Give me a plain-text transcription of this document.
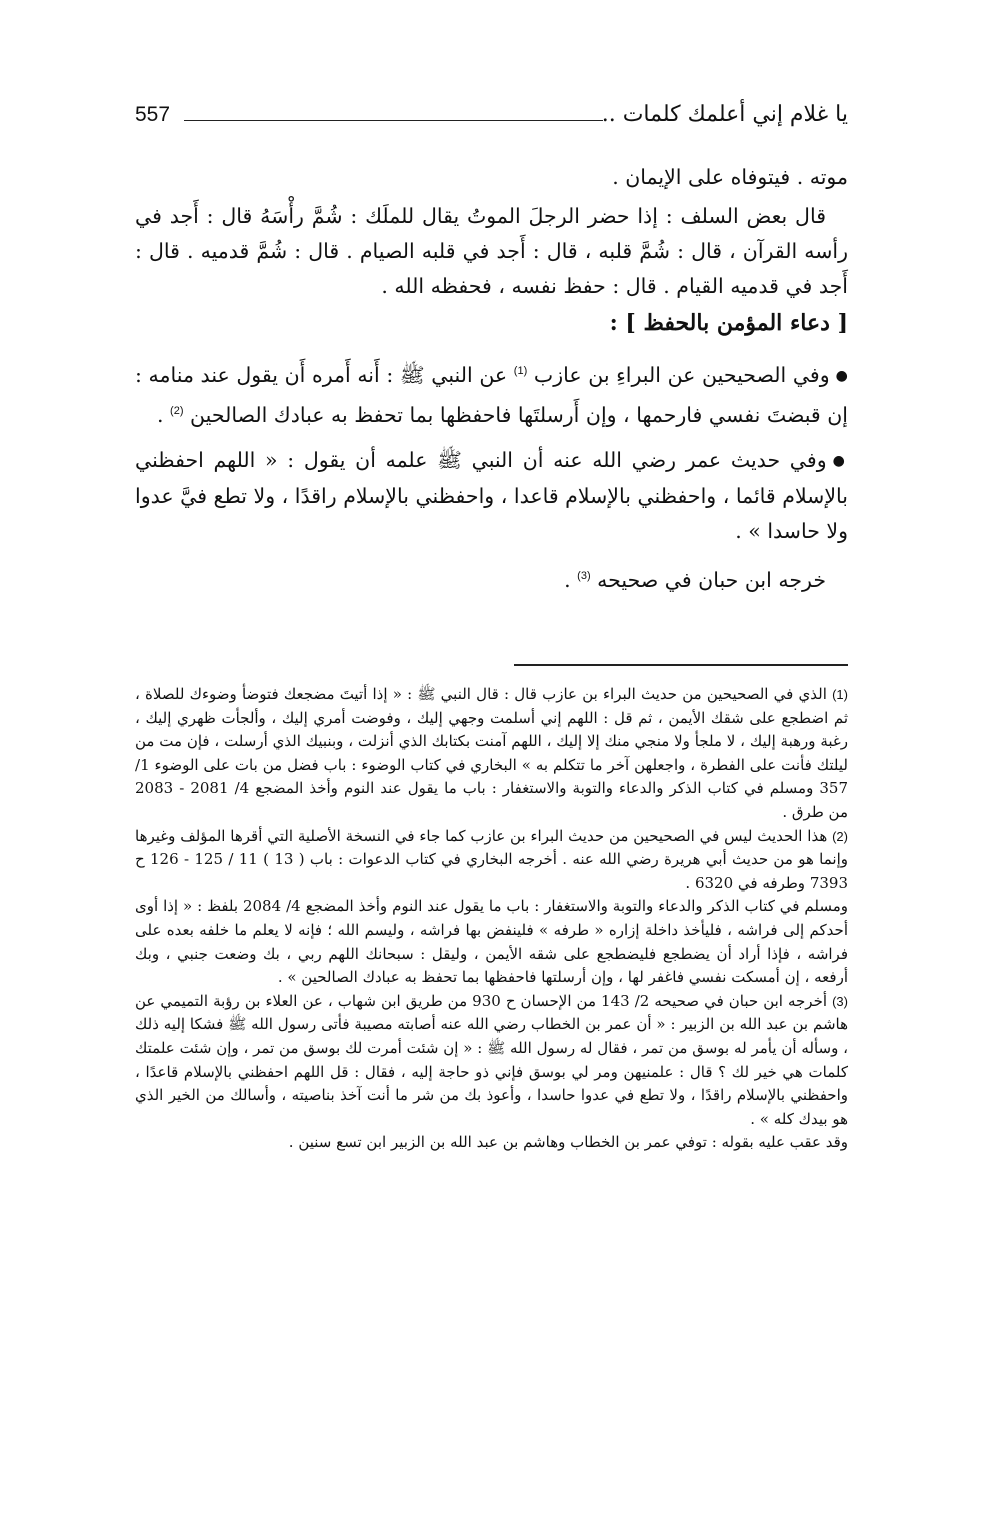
557	يا غلام إني أعلمك كلمات ..

موته . فيتوفاه على الإيمان .

قال بعض السلف : إذا حضر الرجلَ الموتُ يقال للملَك : شُمَّ رأْسَهُ قال : أَجد في رأسه القرآن ، قال : شُمَّ قلبه ، قال : أَجد في قلبه الصيام . قال : شُمَّ قدميه . قال : أَجد في قدميه القيام . قال : حفظ نفسه ، فحفظه الله .

[ دعاء المؤمن بالحفظ ] :

●وفي الصحيحين عن البراءِ بن عازب $^{(1)}$ عن النبي ﷺ : أَنه أَمره أَن يقول عند منامه : إن قبضتَ نفسي فارحمها ، وإن أَرسلتَها فاحفظها بما تحفظ به عبادك الصالحين $^{(2)}$ .

●وفي حديث عمر رضي الله عنه أن النبي ﷺ علمه أن يقول : « اللهم احفظني بالإسلام قائما ، واحفظني بالإسلام قاعدا ، واحفظني بالإسلام راقدًا ، ولا تطع فيَّ عدوا ولا حاسدا » .

خرجه ابن حبان في صحيحه $^{(3)}$ .

(1) الذي في الصحيحين من حديث البراء بن عازب قال : قال النبي ﷺ : « إذا أتيتَ مضجعك فتوضأ وضوءك للصلاة ، ثم اضطجع على شقك الأيمن ، ثم قل : اللهم إني أسلمت وجهي إليك ، وفوضت أمري إليك ، وألجأت ظهري إليك ، رغبة ورهبة إليك ، لا ملجأ ولا منجي منك إلا إليك ، اللهم آمنت بكتابك الذي أنزلت ، وبنبيك الذي أرسلت ، فإن مت من ليلتك فأنت على الفطرة ، واجعلهن آخر ما تتكلم به » البخاري في كتاب الوضوء : باب فضل من بات على الوضوء 1/ 357 ومسلم في كتاب الذكر والدعاء والتوبة والاستغفار : باب ما يقول عند النوم وأخذ المضجع 4/ 2081 - 2083 من طرق .

(2) هذا الحديث ليس في الصحيحين من حديث البراء بن عازب كما جاء في النسخة الأصلية التي أقرها المؤلف وغيرها وإنما هو من حديث أبي هريرة رضي الله عنه . أخرجه البخاري في كتاب الدعوات : باب ( 13 ) 11 / 125 - 126 ح 7393 وطرفه في 6320 .

ومسلم في كتاب الذكر والدعاء والتوبة والاستغفار : باب ما يقول عند النوم وأخذ المضجع 4/ 2084 بلفظ : « إذا أوى أحدكم إلى فراشه ، فليأخذ داخلة إزاره « طرفه » فلينفض بها فراشه ، وليسم الله ؛ فإنه لا يعلم ما خلفه بعده على فراشه ، فإذا أراد أن يضطجع فليضطجع على شقه الأيمن ، وليقل : سبحانك اللهم ربي ، بك وضعت جنبي ، وبك أرفعه ، إن أمسكت نفسي فاغفر لها ، وإن أرسلتها فاحفظها بما تحفظ به عبادك الصالحين » .

(3) أخرجه ابن حبان في صحيحه 2/ 143 من الإحسان ح 930 من طريق ابن شهاب ، عن العلاء بن رؤبة التميمي عن هاشم بن عبد الله بن الزبير : « أن عمر بن الخطاب رضي الله عنه أصابته مصيبة فأتى رسول الله ﷺ فشكا إليه ذلك ، وسأله أن يأمر له بوسق من تمر ، فقال له رسول الله ﷺ : « إن شئت أمرت لك بوسق من تمر ، وإن شئت علمتك كلمات هي خير لك ؟ قال : علمنيهن ومر لي بوسق فإني ذو حاجة إليه ، فقال : قل اللهم احفظني بالإسلام قاعدًا ، واحفظني بالإسلام راقدًا ، ولا تطع في عدوا حاسدا ، وأعوذ بك من شر ما أنت آخذ بناصيته ، وأسالك من الخير الذي هو بيدك كله » .

وقد عقب عليه بقوله : توفي عمر بن الخطاب وهاشم بن عبد الله بن الزبير ابن تسع سنين .
